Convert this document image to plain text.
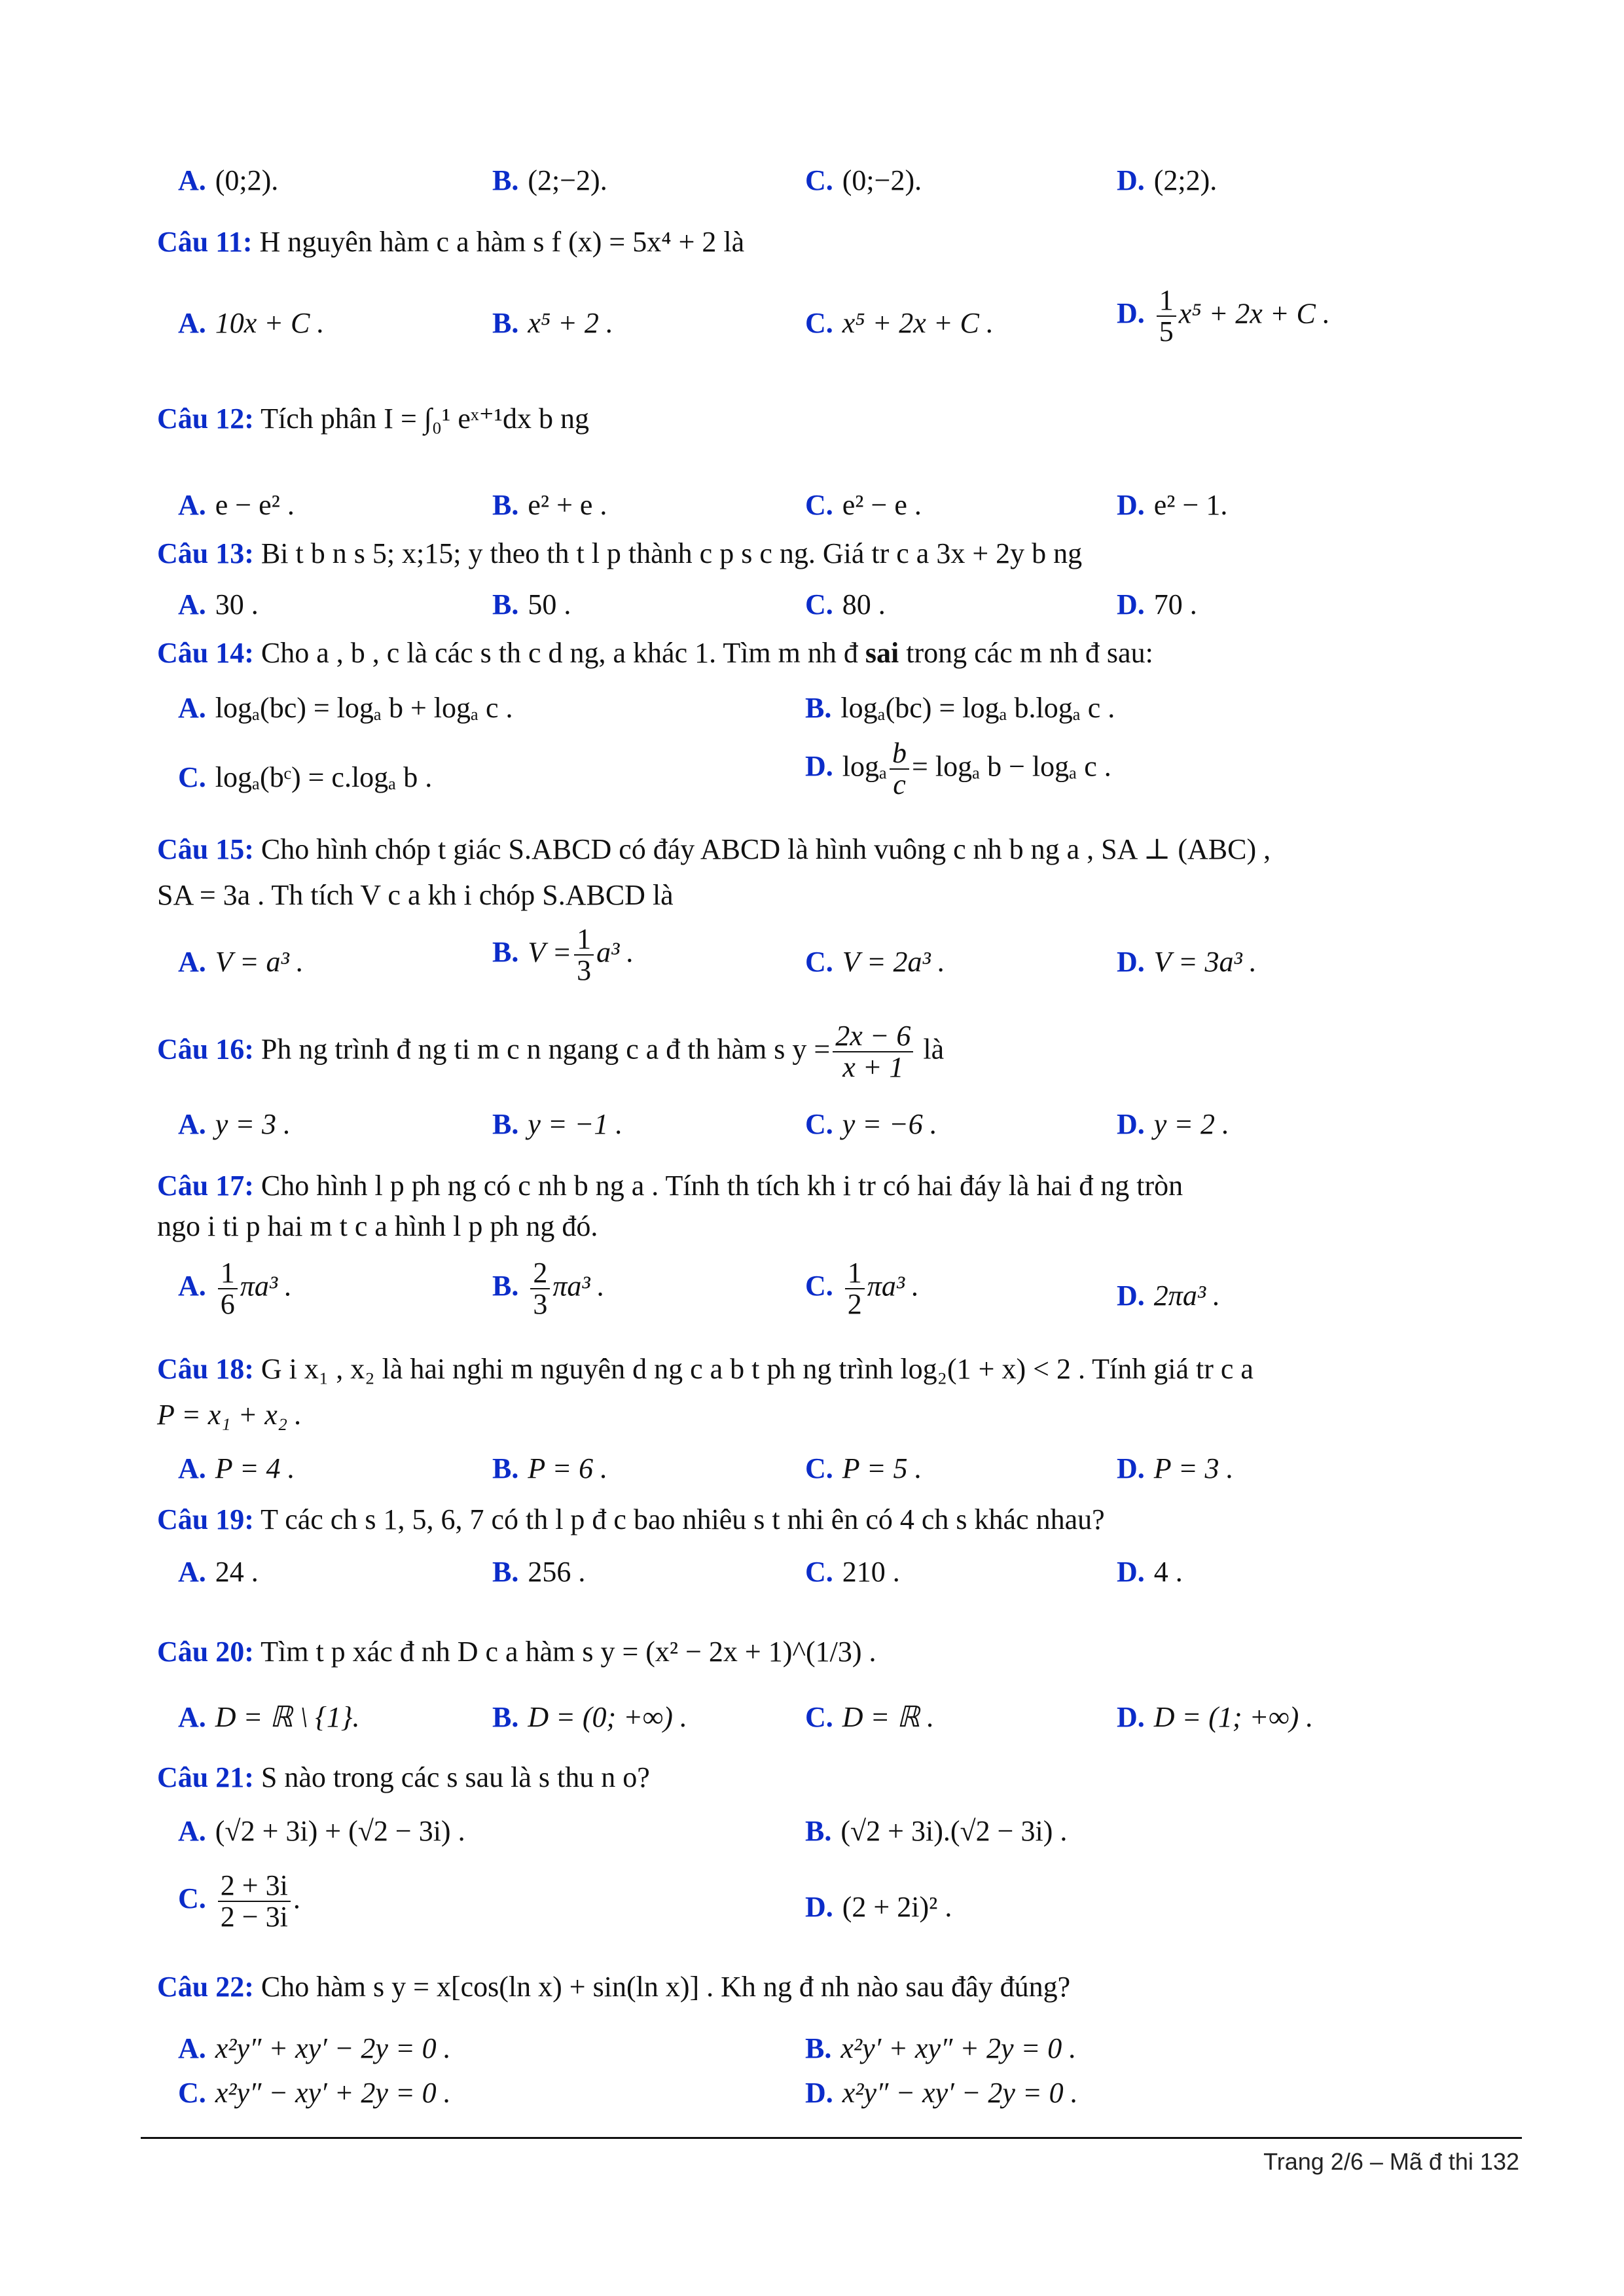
A. (0;2).	B. (2;−2).	C. (0;−2).	D. (2;2).
Câu 11: H nguyên hàm c a hàm s f (x) = 5x⁴ + 2 là
A. 10x + C .	B. x⁵ + 2 .	C. x⁵ + 2x + C .	D. $\frac{1}{5} x^5 + 2x + C$ .
Câu 12: Tích phân I = ∫₀¹ eˣ⁺¹dx b ng
A. e − e² .	B. e² + e .	C. e² − e .	D. e² − 1.
Câu 13: Bi t b n s 5; x;15; y theo th t l p thành c p s c ng. Giá tr c a 3x + 2y b ng
A. 30 .	B. 50 .	C. 80 .	D. 70 .
Câu 14: Cho a , b , c là các s th c d ng, a khác 1. Tìm m nh đ sai trong các m nh đ sau:
A. logₐ(bc) = logₐ b + logₐ c .	B. logₐ(bc) = logₐ b.logₐ c .
C. logₐ(bᶜ) = c.logₐ b .	D. logₐ $\frac{b}{c} = \log_a$ b − logₐ c .
Câu 15: Cho hình chóp t giác S.ABCD có đáy ABCD là hình vuông c nh b ng a , SA ⊥ (ABC) ,
SA = 3a . Th tích V c a kh i chóp S.ABCD là
A. V = a³ .	B. $V = \frac{1}{3} a^3$ .	C. V = 2a³ .	D. V = 3a³ .
Câu 16: Ph ng trình đ ng ti m c n ngang c a đ th hàm s $y = \frac{2x - 6}{x + 1}$ là
A. y = 3 .	B. y = −1 .	C. y = −6 .	D. y = 2 .
Câu 17: Cho hình l p ph ng có c nh b ng a . Tính th tích kh i tr có hai đáy là hai đ ng tròn
ngo i ti p hai m t c a hình l p ph ng đó.
A. $\frac{1}{6} \pi a^3$ .	B. $\frac{2}{3} \pi a^3$ .	C. $\frac{1}{2} \pi a^3$ .	D. 2πa³ .
Câu 18: G i x₁ , x₂ là hai nghi m nguyên d ng c a b t ph ng trình log₂(1 + x) < 2 . Tính giá tr c a
P = x₁ + x₂ .
A. P = 4 .	B. P = 6 .	C. P = 5 .	D. P = 3 .
Câu 19: T các ch s 1, 5, 6, 7 có th l p đ c bao nhiêu s t nhi ên có 4 ch s khác nhau?
A. 24 .	B. 256 .	C. 210 .	D. 4 .
Câu 20: Tìm t p xác đ nh D c a hàm s y = (x² − 2x + 1)^(1/3) .
A. D = ℝ \ {1}.	B. D = (0; +∞) .	C. D = ℝ .	D. D = (1; +∞) .
Câu 21: S nào trong các s sau là s thu n o?
A. (√2 + 3i) + (√2 − 3i) .	B. (√2 + 3i).(√2 − 3i) .
C. $\frac{2 + 3i}{2 - 3i}$ .	D. (2 + 2i)² .
Câu 22: Cho hàm s y = x[cos(ln x) + sin(ln x)] . Kh ng đ nh nào sau đây đúng?
A. x²y″ + xy′ − 2y = 0 .	B. x²y′ + xy″ + 2y = 0 .
C. x²y″ − xy′ + 2y = 0 .	D. x²y″ − xy′ − 2y = 0 .
Trang 2/6 – Mã đ thi 132
